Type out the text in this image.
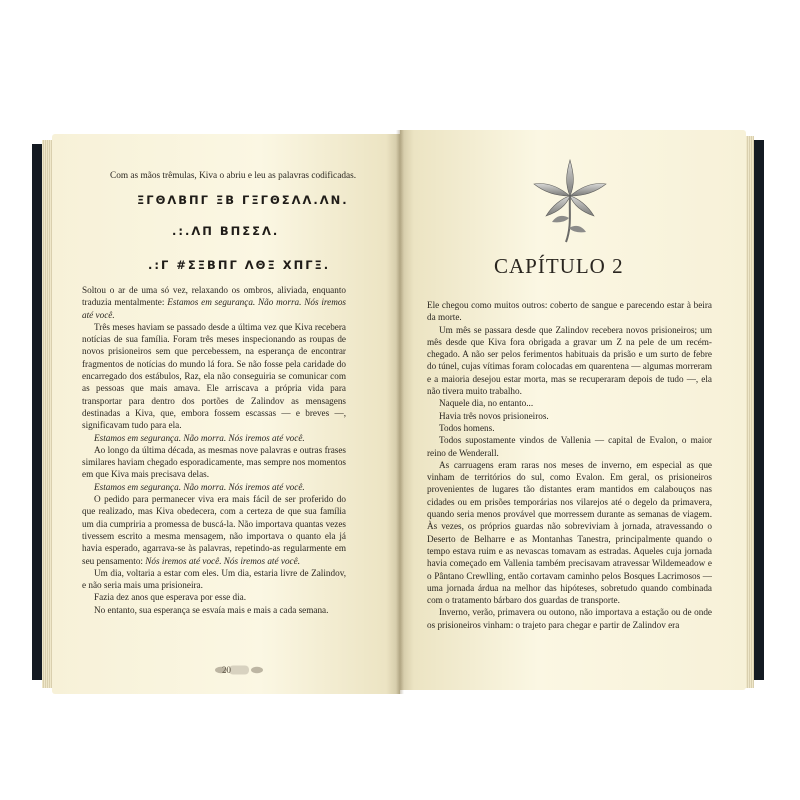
Com as mãos trêmulas, Kiva o abriu e leu as palavras codificadas.
ΞΓΘΛΒΠΓ ΞΒ ΓΞΓΘΣΛΛ.ΛΝ.
.:.ΛΠ ΒΠΣΣΛ.
.:Γ #ΣΞΒΠΓ ΛΘΞ ΧΠΓΞ.

Soltou o ar de uma só vez, relaxando os ombros, aliviada, enquanto traduzia mentalmente: Estamos em segurança. Não morra. Nós iremos até você.

Três meses haviam se passado desde a última vez que Kiva recebera notícias de sua família. Foram três meses inspecionando as roupas de novos prisioneiros sem que percebessem, na esperança de encontrar fragmentos de notícias do mundo lá fora. Se não fosse pela caridade do encarregado dos estábulos, Raz, ela não conseguiria se comunicar com as pessoas que mais amava. Ele arriscava a própria vida para transportar para dentro dos portões de Zalindov as mensagens destinadas a Kiva, que, embora fossem escassas — e breves —, significavam tudo para ela.

Estamos em segurança. Não morra. Nós iremos até você.

Ao longo da última década, as mesmas nove palavras e outras frases similares haviam chegado esporadicamente, mas sempre nos momentos em que Kiva mais precisava delas.

Estamos em segurança. Não morra. Nós iremos até você.

O pedido para permanecer viva era mais fácil de ser proferido do que realizado, mas Kiva obedecera, com a certeza de que sua família um dia cumpriria a promessa de buscá-la. Não importava quantas vezes tivessem escrito a mesma mensagem, não importava o quanto ela já havia esperado, agarrava-se às palavras, repetindo-as regularmente em seu pensamento: Nós iremos até você. Nós iremos até você.

Um dia, voltaria a estar com eles. Um dia, estaria livre de Zalindov, e não seria mais uma prisioneira.

Fazia dez anos que esperava por esse dia.

No entanto, sua esperança se esvaía mais e mais a cada semana.

20
CAPÍTULO 2

Ele chegou como muitos outros: coberto de sangue e parecendo estar à beira da morte.

Um mês se passara desde que Zalindov recebera novos prisioneiros; um mês desde que Kiva fora obrigada a gravar um Z na pele de um recém-chegado. A não ser pelos ferimentos habituais da prisão e um surto de febre do túnel, cujas vítimas foram colocadas em quarentena — algumas morreram e a maioria desejou estar morta, mas se recuperaram depois de tudo —, ela não tivera muito trabalho.

Naquele dia, no entanto...

Havia três novos prisioneiros.

Todos homens.

Todos supostamente vindos de Vallenia — capital de Evalon, o maior reino de Wenderall.

As carruagens eram raras nos meses de inverno, em especial as que vinham de territórios do sul, como Evalon. Em geral, os prisioneiros provenientes de lugares tão distantes eram mantidos em calabouços nas cidades ou em prisões temporárias nos vilarejos até o degelo da primavera, quando seria menos provável que morressem durante as semanas de viagem. Às vezes, os próprios guardas não sobreviviam à jornada, atravessando o Deserto de Belharre e as Montanhas Tanestra, principalmente quando o tempo estava ruim e as nevascas tomavam as estradas. Aqueles cuja jornada havia começado em Vallenia também precisavam atravessar Wildemeadow e o Pântano Crewlling, então cortavam caminho pelos Bosques Lacrimosos — uma jornada árdua na melhor das hipóteses, sobretudo quando combinada com o tratamento bárbaro dos guardas de transporte.

Inverno, verão, primavera ou outono, não importava a estação ou de onde os prisioneiros vinham: o trajeto para chegar e partir de Zalindov era
